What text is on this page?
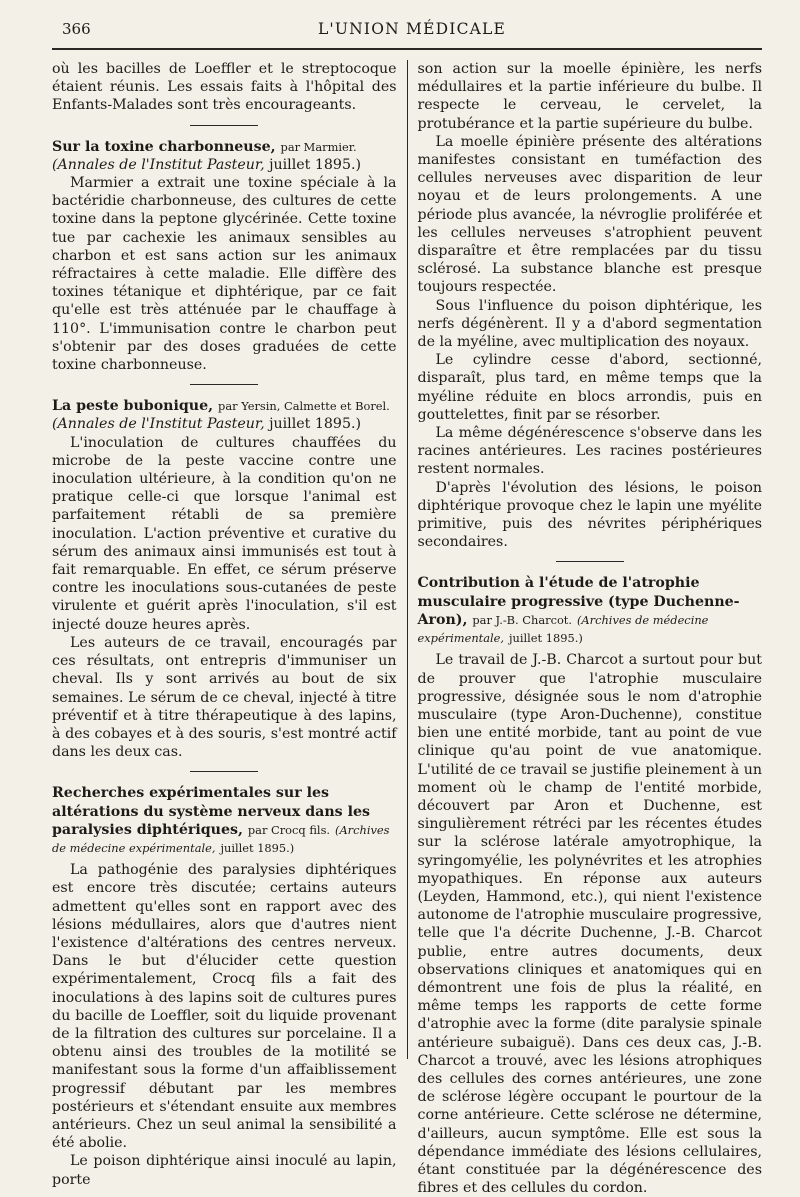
366	L'UNION MÉDICALE

où les bacilles de Loeffler et le streptocoque étaient réunis. Les essais faits à l'hôpital des Enfants-Malades sont très encourageants.

Sur la toxine charbonneuse, par Marmier.

(Annales de l'Institut Pasteur, juillet 1895.)

Marmier a extrait une toxine spéciale à la bactéridie charbonneuse, des cultures de cette toxine dans la peptone glycérinée. Cette toxine tue par cachexie les animaux sensibles au charbon et est sans action sur les animaux réfractaires à cette maladie. Elle diffère des toxines tétanique et diphtérique, par ce fait qu'elle est très atténuée par le chauffage à 110°. L'immunisation contre le charbon peut s'obtenir par des doses graduées de cette toxine charbonneuse.

La peste bubonique, par Yersin, Calmette et Borel.

(Annales de l'Institut Pasteur, juillet 1895.)

L'inoculation de cultures chauffées du microbe de la peste vaccine contre une inoculation ultérieure, à la condition qu'on ne pratique celle-ci que lorsque l'animal est parfaitement rétabli de sa première inoculation. L'action préventive et curative du sérum des animaux ainsi immunisés est tout à fait remarquable. En effet, ce sérum préserve contre les inoculations sous-cutanées de peste virulente et guérit après l'inoculation, s'il est injecté douze heures après.

Les auteurs de ce travail, encouragés par ces résultats, ont entrepris d'immuniser un cheval. Ils y sont arrivés au bout de six semaines. Le sérum de ce cheval, injecté à titre préventif et à titre thérapeutique à des lapins, à des cobayes et à des souris, s'est montré actif dans les deux cas.

Recherches expérimentales sur les altérations du système nerveux dans les paralysies diphtériques, par Crocq fils. (Archives de médecine expérimentale, juillet 1895.)

La pathogénie des paralysies diphtériques est encore très discutée; certains auteurs admettent qu'elles sont en rapport avec des lésions médullaires, alors que d'autres nient l'existence d'altérations des centres nerveux. Dans le but d'élucider cette question expérimentalement, Crocq fils a fait des inoculations à des lapins soit de cultures pures du bacille de Loeffler, soit du liquide provenant de la filtration des cultures sur porcelaine. Il a obtenu ainsi des troubles de la motilité se manifestant sous la forme d'un affaiblissement progressif débutant par les membres postérieurs et s'étendant ensuite aux membres antérieurs. Chez un seul animal la sensibilité a été abolie.

Le poison diphtérique ainsi inoculé au lapin, porte

son action sur la moelle épinière, les nerfs médullaires et la partie inférieure du bulbe. Il respecte le cerveau, le cervelet, la protubérance et la partie supérieure du bulbe.

La moelle épinière présente des altérations manifestes consistant en tuméfaction des cellules nerveuses avec disparition de leur noyau et de leurs prolongements. A une période plus avancée, la névroglie proliférée et les cellules nerveuses s'atrophient peuvent disparaître et être remplacées par du tissu sclérosé. La substance blanche est presque toujours respectée.

Sous l'influence du poison diphtérique, les nerfs dégénèrent. Il y a d'abord segmentation de la myéline, avec multiplication des noyaux.

Le cylindre cesse d'abord, sectionné, disparaît, plus tard, en même temps que la myéline réduite en blocs arrondis, puis en gouttelettes, finit par se résorber.

La même dégénérescence s'observe dans les racines antérieures. Les racines postérieures restent normales.

D'après l'évolution des lésions, le poison diphtérique provoque chez le lapin une myélite primitive, puis des névrites périphériques secondaires.

Contribution à l'étude de l'atrophie musculaire progressive (type Duchenne-Aron), par J.-B. Charcot. (Archives de médecine expérimentale, juillet 1895.)

Le travail de J.-B. Charcot a surtout pour but de prouver que l'atrophie musculaire progressive, désignée sous le nom d'atrophie musculaire (type Aron-Duchenne), constitue bien une entité morbide, tant au point de vue clinique qu'au point de vue anatomique. L'utilité de ce travail se justifie pleinement à un moment où le champ de l'entité morbide, découvert par Aron et Duchenne, est singulièrement rétréci par les récentes études sur la sclérose latérale amyotrophique, la syringomyélie, les polynévrites et les atrophies myopathiques. En réponse aux auteurs (Leyden, Hammond, etc.), qui nient l'existence autonome de l'atrophie musculaire progressive, telle que l'a décrite Duchenne, J.-B. Charcot publie, entre autres documents, deux observations cliniques et anatomiques qui en démontrent une fois de plus la réalité, en même temps les rapports de cette forme d'atrophie avec la forme (dite paralysie spinale antérieure subaiguë). Dans ces deux cas, J.-B. Charcot a trouvé, avec les lésions atrophiques des cellules des cornes antérieures, une zone de sclérose légère occupant le pourtour de la corne antérieure. Cette sclérose ne détermine, d'ailleurs, aucun symptôme. Elle est sous la dépendance immédiate des lésions cellulaires, étant constituée par la dégénérescence des fibres et des cellules du cordon.
